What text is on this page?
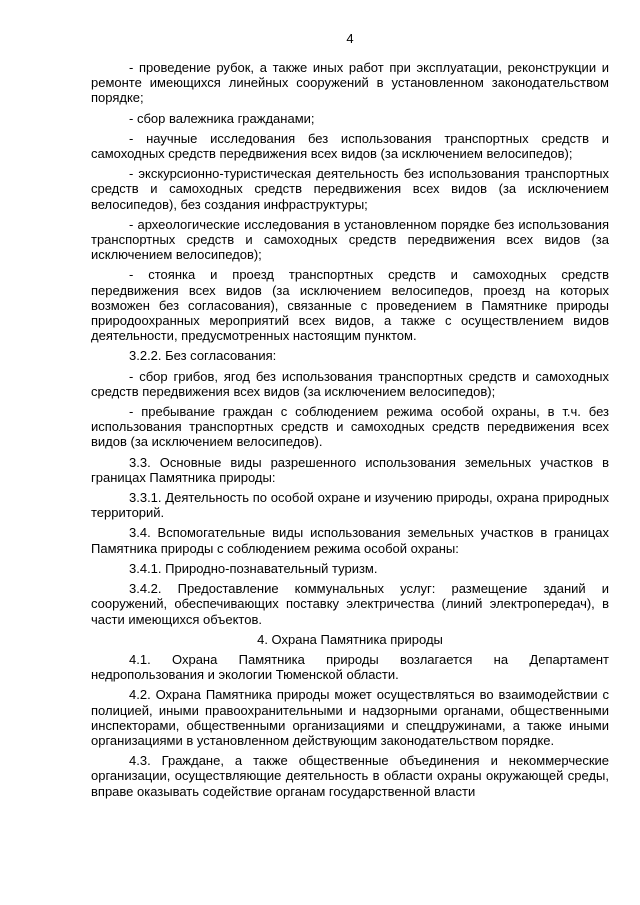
4

- проведение рубок, а также иных работ при эксплуатации, реконструкции и ремонте имеющихся линейных сооружений в установленном законодательством порядке;

- сбор валежника гражданами;

- научные исследования без использования транспортных средств и самоходных средств передвижения всех видов (за исключением велосипедов);

- экскурсионно-туристическая деятельность без использования транспортных средств и самоходных средств передвижения всех видов (за исключением велосипедов), без создания инфраструктуры;

- археологические исследования в установленном порядке без использования транспортных средств и самоходных средств передвижения всех видов (за исключением велосипедов);

- стоянка и проезд транспортных средств и самоходных средств передвижения всех видов (за исключением велосипедов, проезд на которых возможен без согласования), связанные с проведением в Памятнике природы природоохранных мероприятий всех видов, а также с осуществлением видов деятельности, предусмотренных настоящим пунктом.

3.2.2. Без согласования:

- сбор грибов, ягод без использования транспортных средств и самоходных средств передвижения всех видов (за исключением велосипедов);

- пребывание граждан с соблюдением режима особой охраны, в т.ч. без использования транспортных средств и самоходных средств передвижения всех видов (за исключением велосипедов).

3.3. Основные виды разрешенного использования земельных участков в границах Памятника природы:

3.3.1. Деятельность по особой охране и изучению природы, охрана природных территорий.

3.4. Вспомогательные виды использования земельных участков в границах Памятника природы с соблюдением режима особой охраны:

3.4.1. Природно-познавательный туризм.

3.4.2. Предоставление коммунальных услуг: размещение зданий и сооружений, обеспечивающих поставку электричества (линий электропередач), в части имеющихся объектов.

4. Охрана Памятника природы

4.1. Охрана Памятника природы возлагается на Департамент недропользования и экологии Тюменской области.

4.2. Охрана Памятника природы может осуществляться во взаимодействии с полицией, иными правоохранительными и надзорными органами, общественными инспекторами, общественными организациями и спецдружинами, а также иными организациями в установленном действующим законодательством порядке.

4.3. Граждане, а также общественные объединения и некоммерческие организации, осуществляющие деятельность в области охраны окружающей среды, вправе оказывать содействие органам государственной власти
